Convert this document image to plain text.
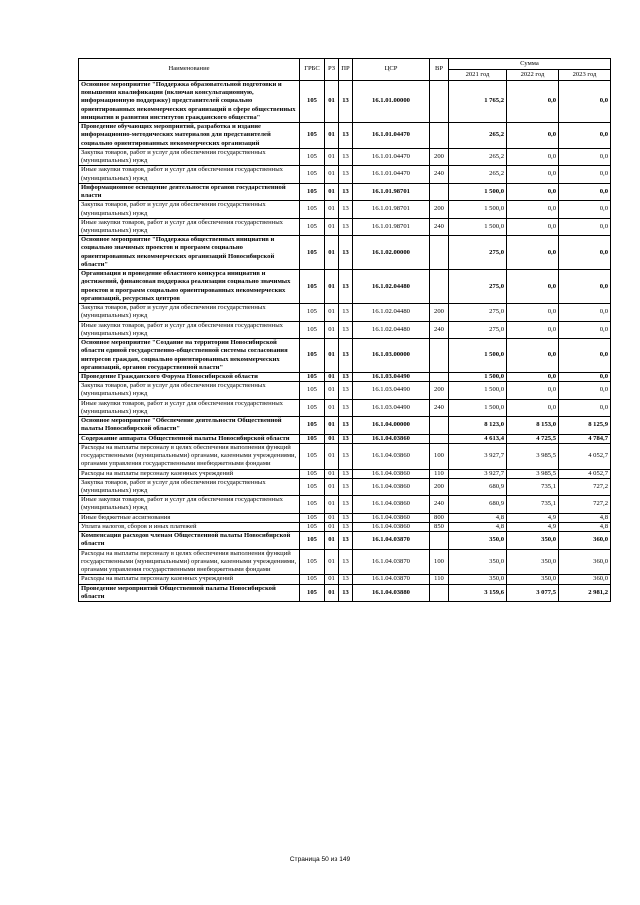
Наименование	ГРБС	РЗ	ПР	ЦСР	ВР	Сумма		
						2021 год	2022 год	2023 год
Основное мероприятие "Поддержка образовательной подготовки и повышения квалификации (включая консультационную, информационную поддержку) представителей социально ориентированных некоммерческих организаций в сфере общественных инициатив и развития институтов гражданского общества"	105	01	13	16.1.01.00000		1 765,2	0,0	0,0
Проведение обучающих мероприятий, разработка и издание информационно-методических материалов для представителей социально ориентированных некоммерческих организаций	105	01	13	16.1.01.04470		265,2	0,0	0,0
Закупка товаров, работ и услуг для обеспечения государственных (муниципальных) нужд	105	01	13	16.1.01.04470	200	265,2	0,0	0,0
Иные закупки товаров, работ и услуг для обеспечения государственных (муниципальных) нужд	105	01	13	16.1.01.04470	240	265,2	0,0	0,0
Информационное освещение деятельности органов государственной власти	105	01	13	16.1.01.98701		1 500,0	0,0	0,0
Закупка товаров, работ и услуг для обеспечения государственных (муниципальных) нужд	105	01	13	16.1.01.98701	200	1 500,0	0,0	0,0
Иные закупки товаров, работ и услуг для обеспечения государственных (муниципальных) нужд	105	01	13	16.1.01.98701	240	1 500,0	0,0	0,0
Основное мероприятие "Поддержка общественных инициатив и социально значимых проектов и программ социально ориентированных некоммерческих организаций Новосибирской области"	105	01	13	16.1.02.00000		275,0	0,0	0,0
Организация и проведение областного конкурса инициатив и достижений, финансовая поддержка реализации социально значимых проектов и программ социально ориентированных некоммерческих организаций, ресурсных центров	105	01	13	16.1.02.04480		275,0	0,0	0,0
Закупка товаров, работ и услуг для обеспечения государственных (муниципальных) нужд	105	01	13	16.1.02.04480	200	275,0	0,0	0,0
Иные закупки товаров, работ и услуг для обеспечения государственных (муниципальных) нужд	105	01	13	16.1.02.04480	240	275,0	0,0	0,0
Основное мероприятие "Создание на территории Новосибирской области единой государственно-общественной системы согласования интересов граждан, социально ориентированных некоммерческих организаций, органов государственной власти"	105	01	13	16.1.03.00000		1 500,0	0,0	0,0
Проведение Гражданского Форума Новосибирской области	105	01	13	16.1.03.04490		1 500,0	0,0	0,0
Закупка товаров, работ и услуг для обеспечения государственных (муниципальных) нужд	105	01	13	16.1.03.04490	200	1 500,0	0,0	0,0
Иные закупки товаров, работ и услуг для обеспечения государственных (муниципальных) нужд	105	01	13	16.1.03.04490	240	1 500,0	0,0	0,0
Основное мероприятие "Обеспечение деятельности Общественной палаты Новосибирской области"	105	01	13	16.1.04.00000		8 123,0	8 153,0	8 125,9
Содержание аппарата Общественной палаты Новосибирской области	105	01	13	16.1.04.03860		4 613,4	4 725,5	4 784,7
Расходы на выплаты персоналу в целях обеспечения выполнения функций государственными (муниципальными) органами, казенными учреждениями, органами управления государственными внебюджетными фондами	105	01	13	16.1.04.03860	100	3 927,7	3 985,5	4 052,7
Расходы на выплаты персоналу казенных учреждений	105	01	13	16.1.04.03860	110	3 927,7	3 985,5	4 052,7
Закупка товаров, работ и услуг для обеспечения государственных (муниципальных) нужд	105	01	13	16.1.04.03860	200	680,9	735,1	727,2
Иные закупки товаров, работ и услуг для обеспечения государственных (муниципальных) нужд	105	01	13	16.1.04.03860	240	680,9	735,1	727,2
Иные бюджетные ассигнования	105	01	13	16.1.04.03860	800	4,8	4,9	4,8
Уплата налогов, сборов и иных платежей	105	01	13	16.1.04.03860	850	4,8	4,9	4,8
Компенсация расходов членам Общественной палаты Новосибирской области	105	01	13	16.1.04.03870		350,0	350,0	360,0
Расходы на выплаты персоналу в целях обеспечения выполнения функций государственными (муниципальными) органами, казенными учреждениями, органами управления государственными внебюджетными фондами	105	01	13	16.1.04.03870	100	350,0	350,0	360,0
Расходы на выплаты персоналу казенных учреждений	105	01	13	16.1.04.03870	110	350,0	350,0	360,0
Проведение мероприятий Общественной палаты Новосибирской области	105	01	13	16.1.04.03880		3 159,6	3 077,5	2 981,2
Страница 50 из 149
